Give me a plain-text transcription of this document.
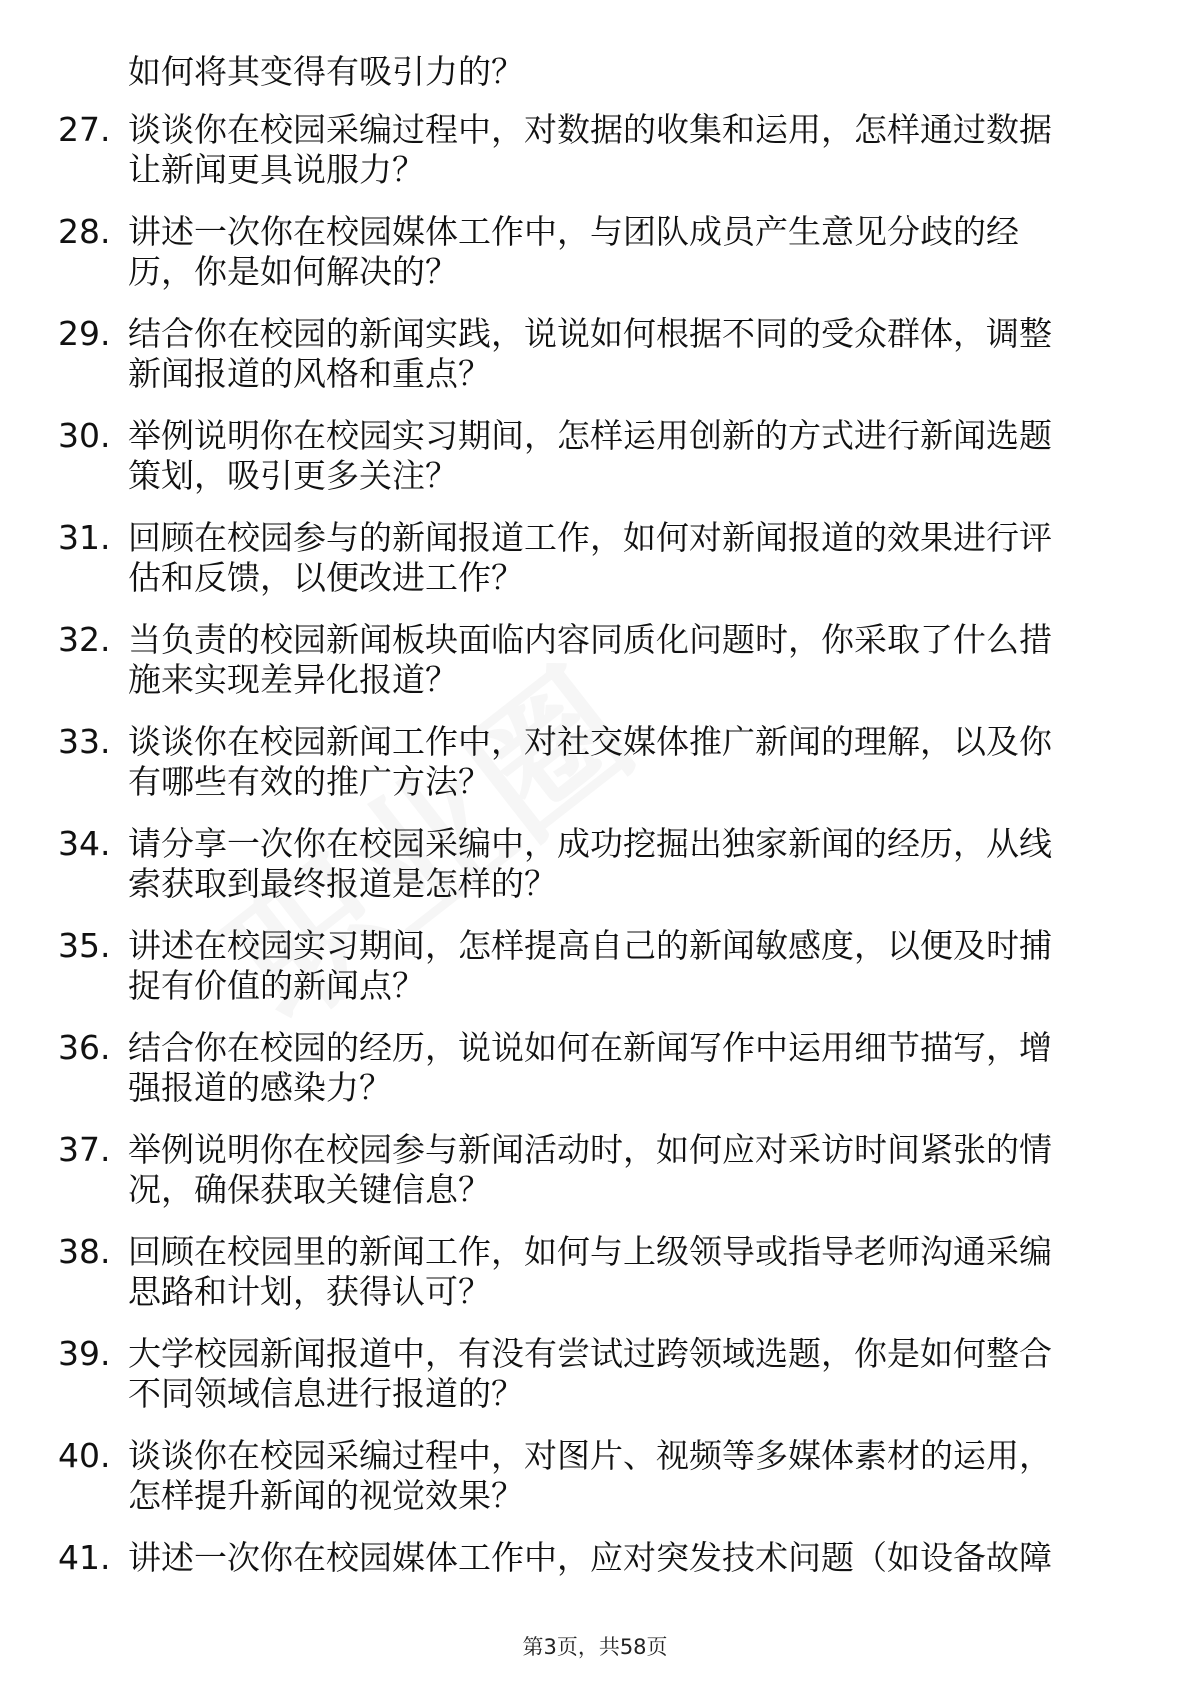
如何将其变得有吸引力的？

27. 谈谈你在校园采编过程中，对数据的收集和运用，怎样通过数据
让新闻更具说服力？
28. 讲述一次你在校园媒体工作中，与团队成员产生意见分歧的经
历，你是如何解决的？
29. 结合你在校园的新闻实践，说说如何根据不同的受众群体，调整
新闻报道的风格和重点？
30. 举例说明你在校园实习期间，怎样运用创新的方式进行新闻选题
策划，吸引更多关注？
31. 回顾在校园参与的新闻报道工作，如何对新闻报道的效果进行评
估和反馈，以便改进工作？
32. 当负责的校园新闻板块面临内容同质化问题时，你采取了什么措
施来实现差异化报道？
33. 谈谈你在校园新闻工作中，对社交媒体推广新闻的理解，以及你
有哪些有效的推广方法？
34. 请分享一次你在校园采编中，成功挖掘出独家新闻的经历，从线
索获取到最终报道是怎样的？
35. 讲述在校园实习期间，怎样提高自己的新闻敏感度，以便及时捕
捉有价值的新闻点？
36. 结合你在校园的经历，说说如何在新闻写作中运用细节描写，增
强报道的感染力？
37. 举例说明你在校园参与新闻活动时，如何应对采访时间紧张的情
况，确保获取关键信息？
38. 回顾在校园里的新闻工作，如何与上级领导或指导老师沟通采编
思路和计划，获得认可？
39. 大学校园新闻报道中，有没有尝试过跨领域选题，你是如何整合
不同领域信息进行报道的？
40. 谈谈你在校园采编过程中，对图片、视频等多媒体素材的运用，
怎样提升新闻的视觉效果？
41. 讲述一次你在校园媒体工作中，应对突发技术问题（如设备故障
第3页，共58页
